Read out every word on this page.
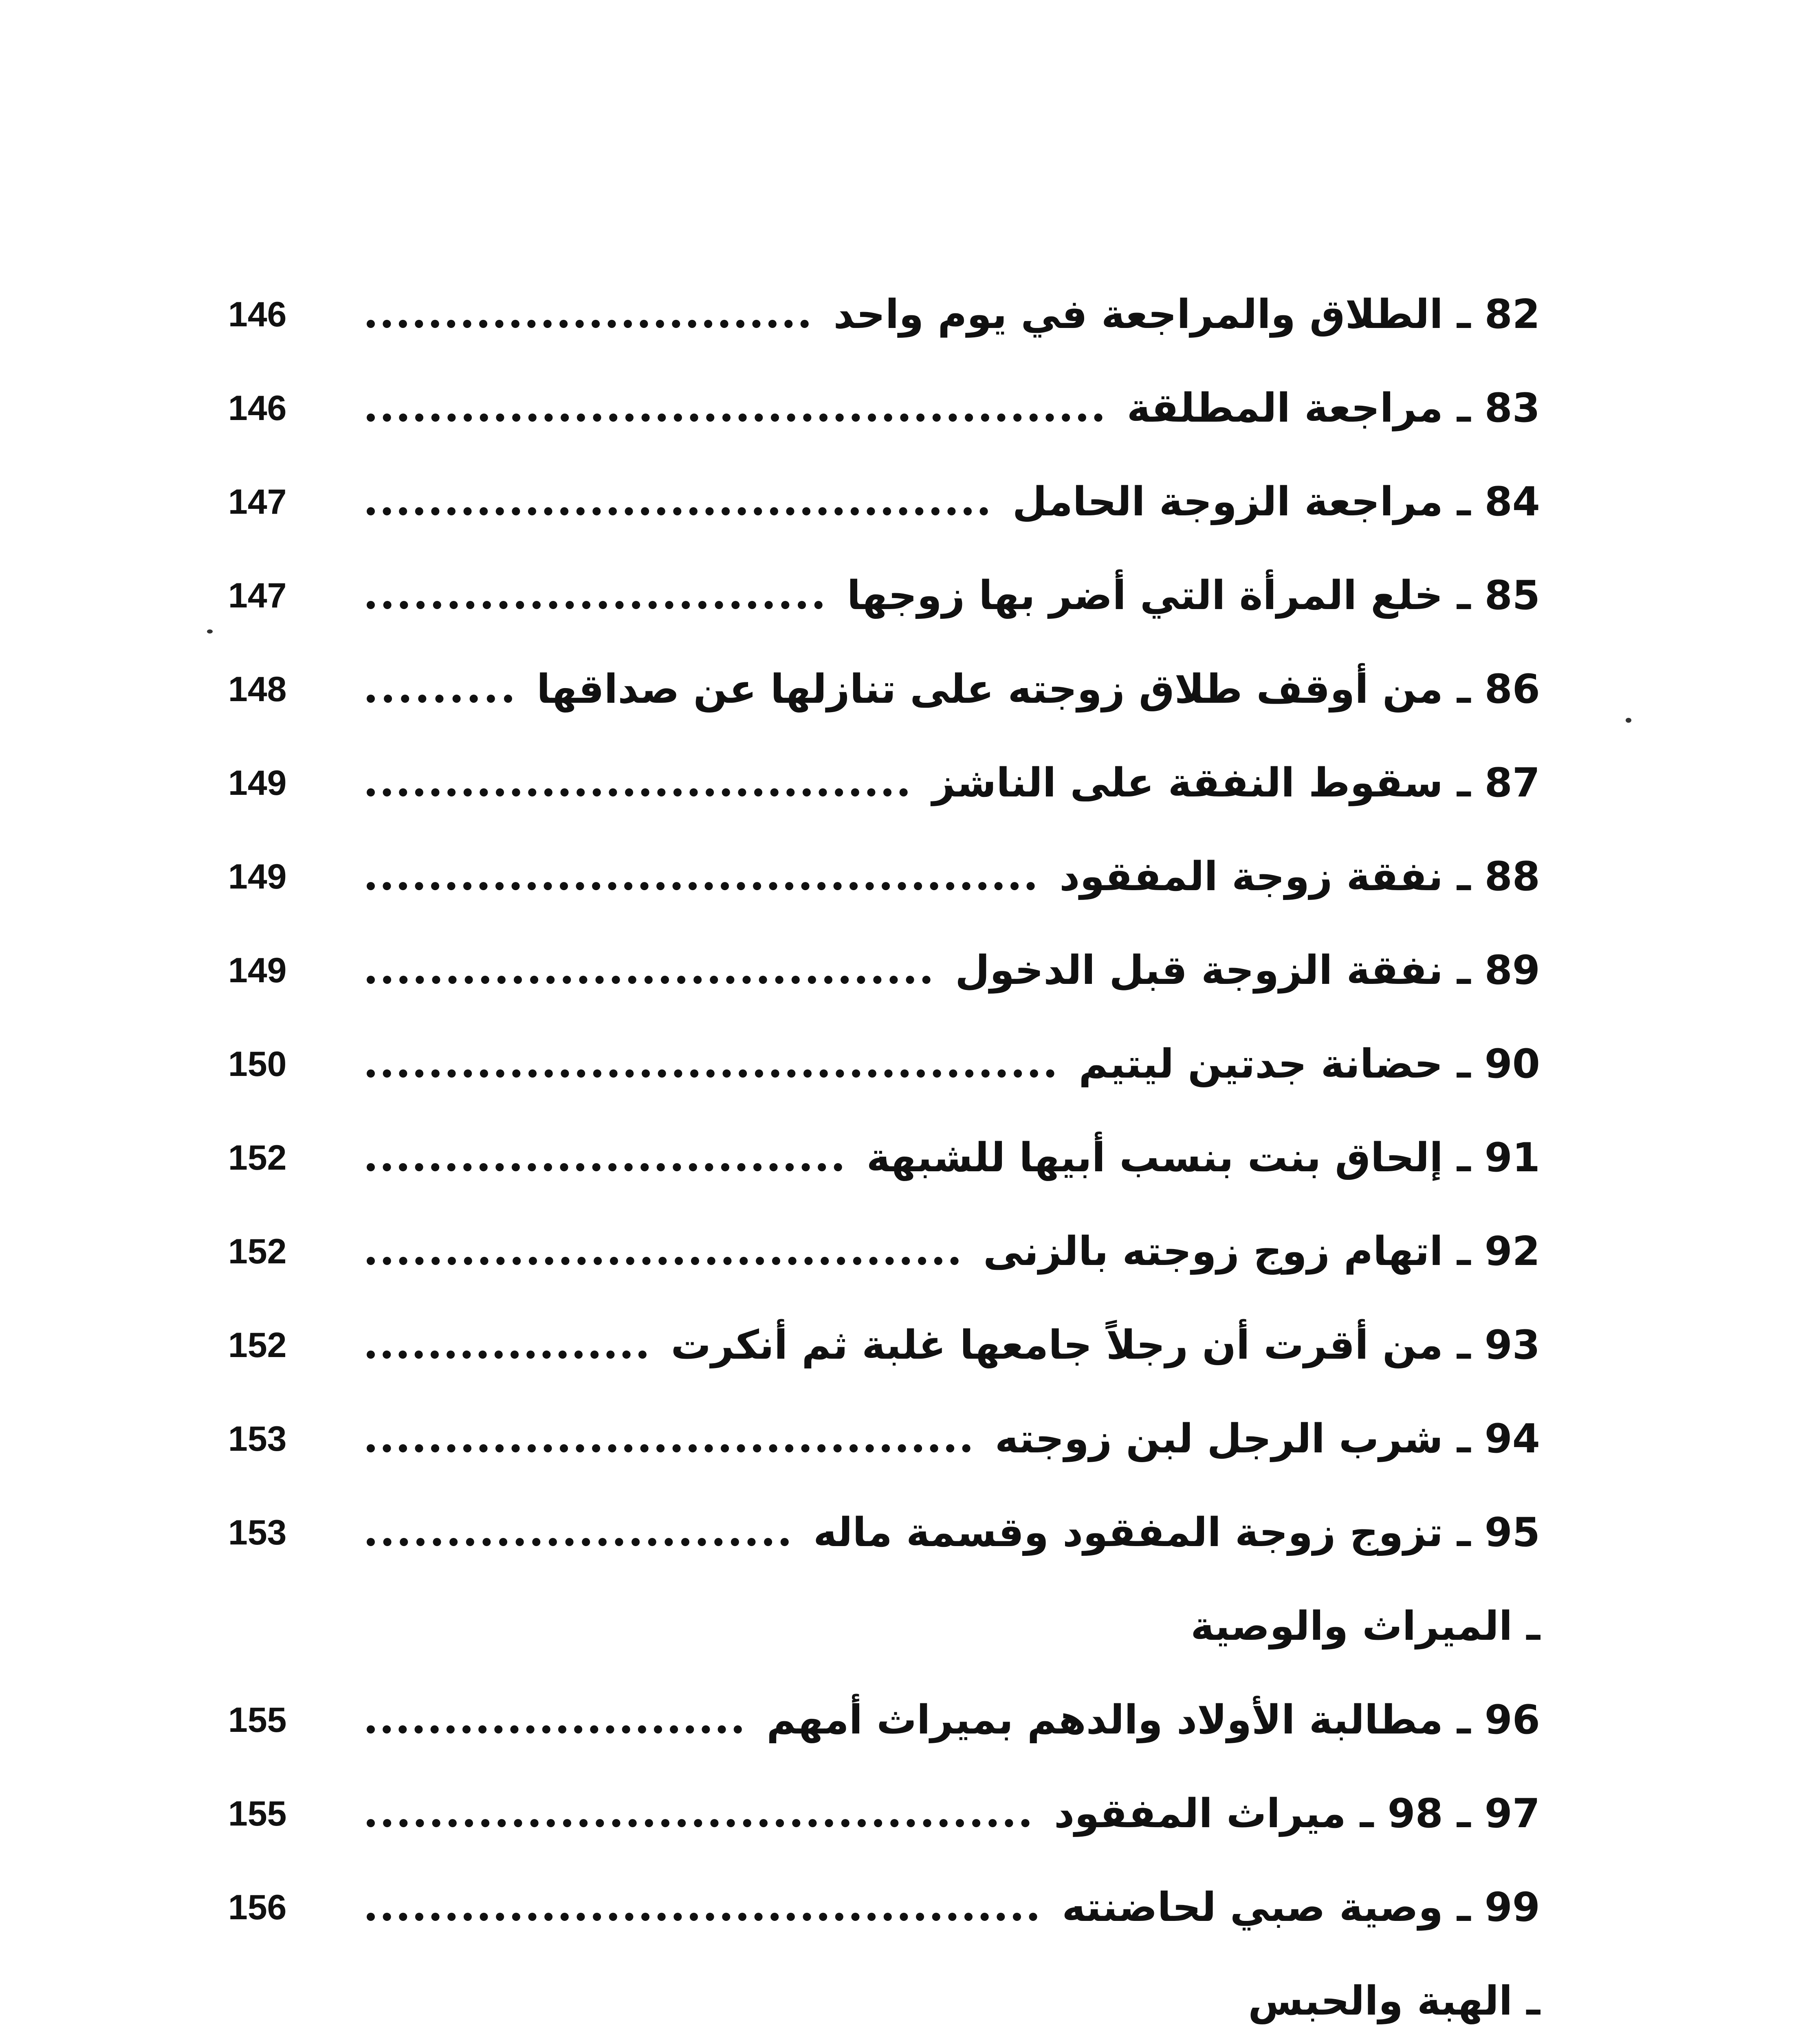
82 ـ الطلاق والمراجعة في يوم واحد
146
83 ـ مراجعة المطلقة
146
84 ـ مراجعة الزوجة الحامل
147
85 ـ خلع المرأة التي أضر بها زوجها
147
86 ـ من أوقف طلاق زوجته على تنازلها عن صداقها
148
87 ـ سقوط النفقة على الناشز
149
88 ـ نفقة زوجة المفقود
149
89 ـ نفقة الزوجة قبل الدخول
149
90 ـ حضانة جدتين ليتيم
150
91 ـ إلحاق بنت بنسب أبيها للشبهة
152
92 ـ اتهام زوج زوجته بالزنى
152
93 ـ من أقرت أن رجلاً جامعها غلبة ثم أنكرت
152
94 ـ شرب الرجل لبن زوجته
153
95 ـ تزوج زوجة المفقود وقسمة ماله
153
ـ الميراث والوصية
96 ـ مطالبة الأولاد والدهم بميراث أمهم
155
97 ـ 98 ـ ميراث المفقود
155
99 ـ وصية صبي لحاضنته
156
ـ الهبة والحبس
